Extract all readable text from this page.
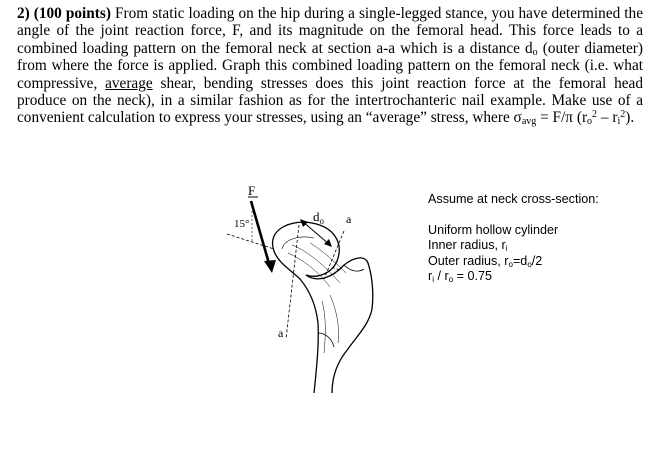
2) (100 points) From static loading on the hip during a single-legged stance, you have determined the angle of the joint reaction force, F, and its magnitude on the femoral head. This force leads to a combined loading pattern on the femoral neck at section a-a which is a distance $d_o$ (outer diameter) from where the force is applied. Graph this combined loading pattern on the femoral neck (i.e. what compressive, average shear, bending stresses does this joint reaction force at the femoral head produce on the neck), in a similar fashion as for the intertrochanteric nail example. Make use of a convenient calculation to express your stresses, using an “average” stress, where $\sigma_{avg} = F/\pi$ $(r_o^2 - r_i^2)$.
F
15°	a
a
$d_o$
Assume at neck cross-section:
Uniform hollow cylinder
Inner radius, $r_i$
Outer radius, $r_o=d_o/2$
$r_i / r_o = 0.75$
